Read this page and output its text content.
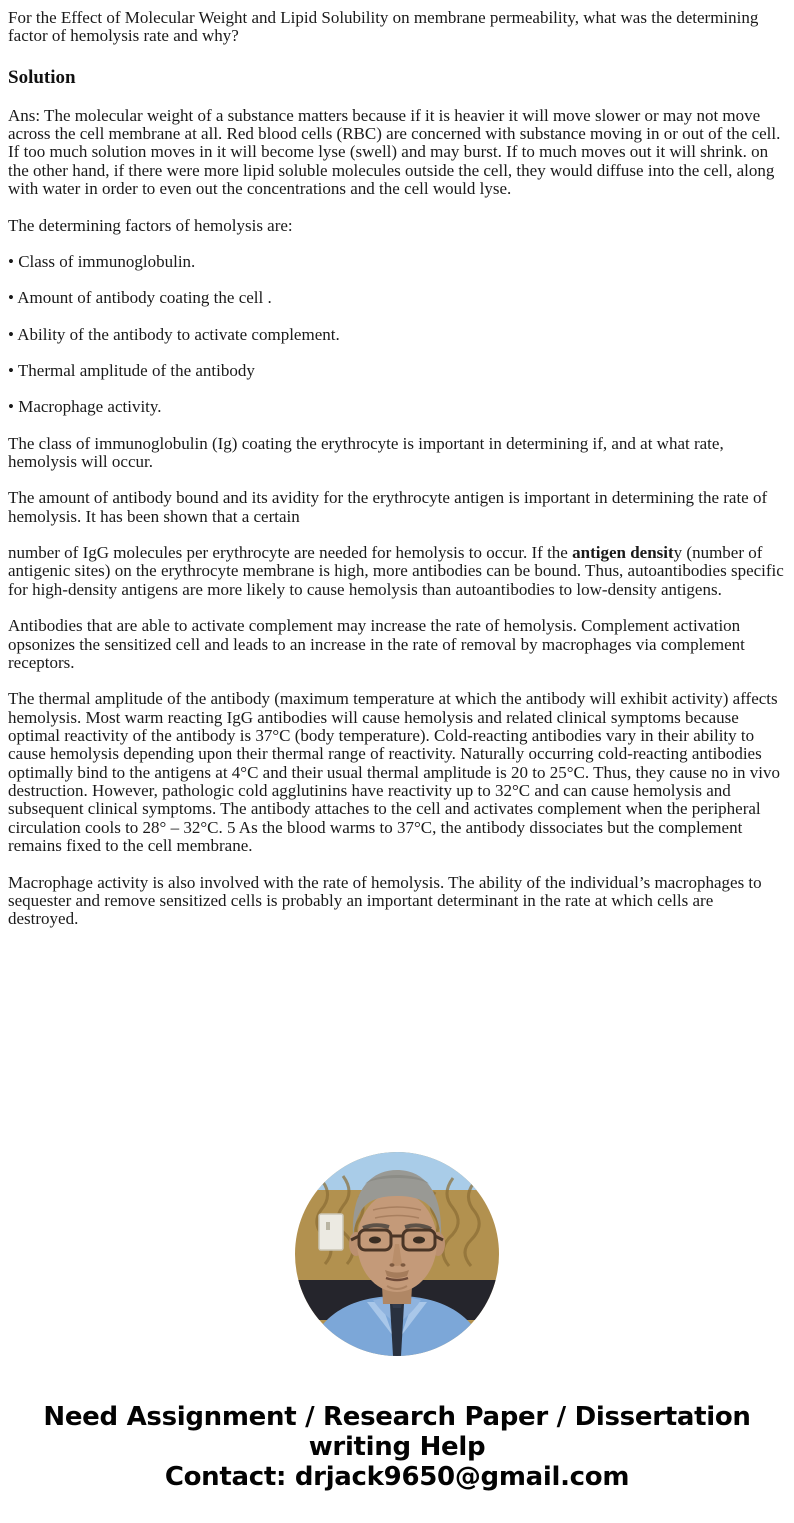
For the Effect of Molecular Weight and Lipid Solubility on membrane permeability, what was the determining factor of hemolysis rate and why?

Solution

Ans: The molecular weight of a substance matters because if it is heavier it will move slower or may not move across the cell membrane at all. Red blood cells (RBC) are concerned with substance moving in or out of the cell.
If too much solution moves in it will become lyse (swell) and may burst. If to much moves out it will shrink. on the other hand, if there were more lipid soluble molecules outside the cell, they would diffuse into the cell, along with water in order to even out the concentrations and the cell would lyse.

The determining factors of hemolysis are:

• Class of immunoglobulin.

• Amount of antibody coating the cell .

• Ability of the antibody to activate complement.

• Thermal amplitude of the antibody

• Macrophage activity.

The class of immunoglobulin (Ig) coating the erythrocyte is important in determining if, and at what rate, hemolysis will occur.

The amount of antibody bound and its avidity for the erythrocyte antigen is important in determining the rate of hemolysis. It has been shown that a certain

number of IgG molecules per erythrocyte are needed for hemolysis to occur. If the antigen density (number of antigenic sites) on the erythrocyte membrane is high, more antibodies can be bound. Thus, autoantibodies specific for high-density antigens are more likely to cause hemolysis than autoantibodies to low-density antigens.

Antibodies that are able to activate complement may increase the rate of hemolysis. Complement activation opsonizes the sensitized cell and leads to an increase in the rate of removal by macrophages via complement receptors.

The thermal amplitude of the antibody (maximum temperature at which the antibody will exhibit activity) affects hemolysis. Most warm reacting IgG antibodies will cause hemolysis and related clinical symptoms because optimal reactivity of the antibody is 37°C (body temperature). Cold-reacting antibodies vary in their ability to cause hemolysis depending upon their thermal range of reactivity. Naturally occurring cold-reacting antibodies optimally bind to the antigens at 4°C and their usual thermal amplitude is 20 to 25°C. Thus, they cause no in vivo destruction. However, pathologic cold agglutinins have reactivity up to 32°C and can cause hemolysis and subsequent clinical symptoms. The antibody attaches to the cell and activates complement when the peripheral circulation cools to 28° – 32°C. 5 As the blood warms to 37°C, the antibody dissociates but the complement remains fixed to the cell membrane.

Macrophage activity is also involved with the rate of hemolysis. The ability of the individual’s macrophages to sequester and remove sensitized cells is probably an important determinant in the rate at which cells are destroyed.

Need Assignment / Research Paper / Dissertation writing Help
Contact: drjack9650@gmail.com
